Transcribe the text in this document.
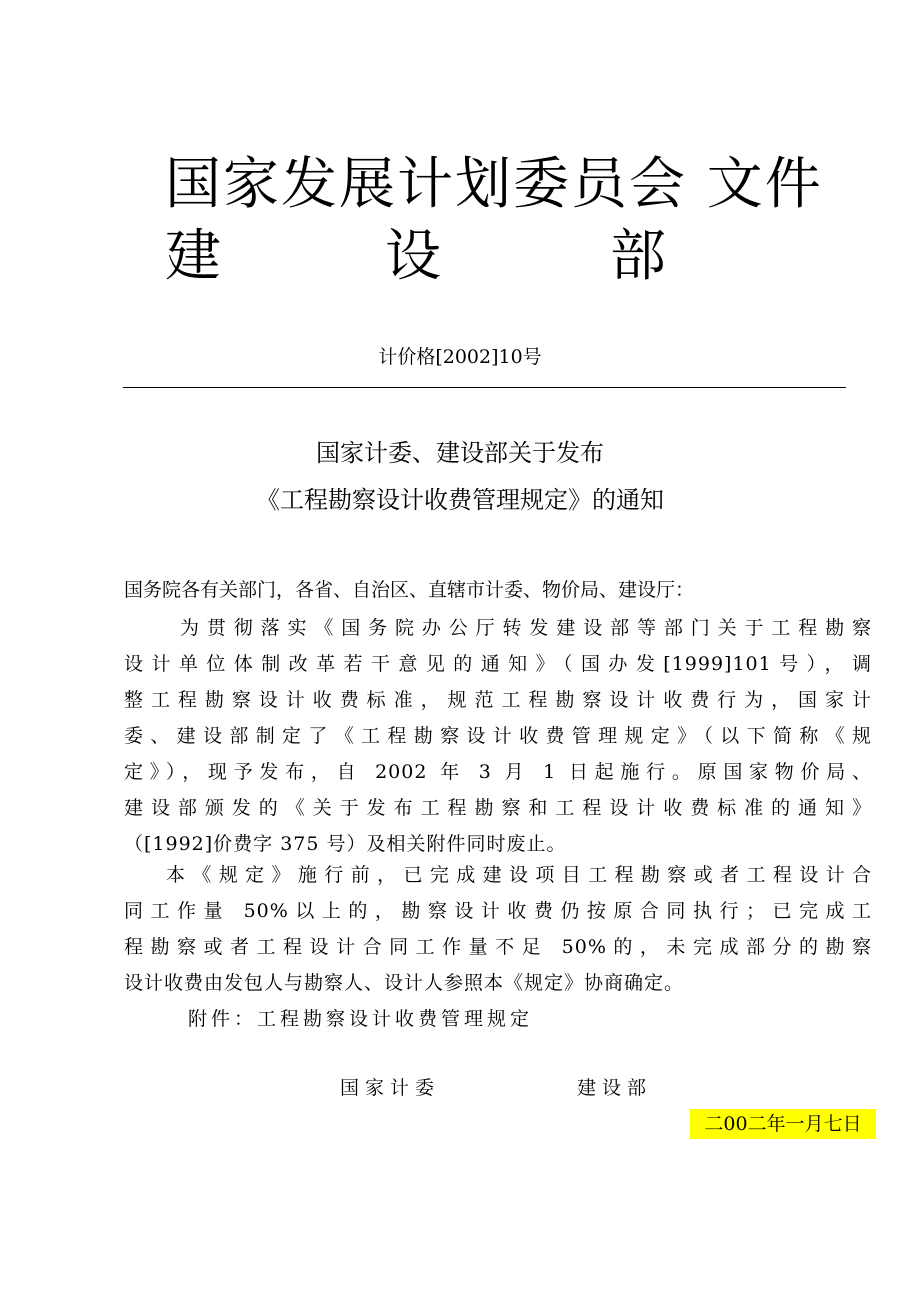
国家发展计划委员会 文件
建	设	部
计价格[2002]10号
国家计委、建设部关于发布
《工程勘察设计收费管理规定》的通知
国务院各有关部门，各省、自治区、直辖市计委、物价局、建设厅：
为贯彻落实《国务院办公厅转发建设部等部门关于工程勘察
设计单位体制改革若干意见的通知》（国办发[1999]101号），调
整工程勘察设计收费标准，规范工程勘察设计收费行为，国家计
委、建设部制定了《工程勘察设计收费管理规定》（以下简称《规
定》），现予发布，自 2002 年 3 月 1 日起施行。原国家物价局、
建设部颁发的《关于发布工程勘察和工程设计收费标准的通知》
（[1992]价费字 375 号）及相关附件同时废止。
本《规定》施行前，已完成建设项目工程勘察或者工程设计合
同工作量 50%以上的，勘察设计收费仍按原合同执行；已完成工
程勘察或者工程设计合同工作量不足 50%的，未完成部分的勘察
设计收费由发包人与勘察人、设计人参照本《规定》协商确定。
附件：工程勘察设计收费管理规定
国家计委	建设部
二00二年一月七日
